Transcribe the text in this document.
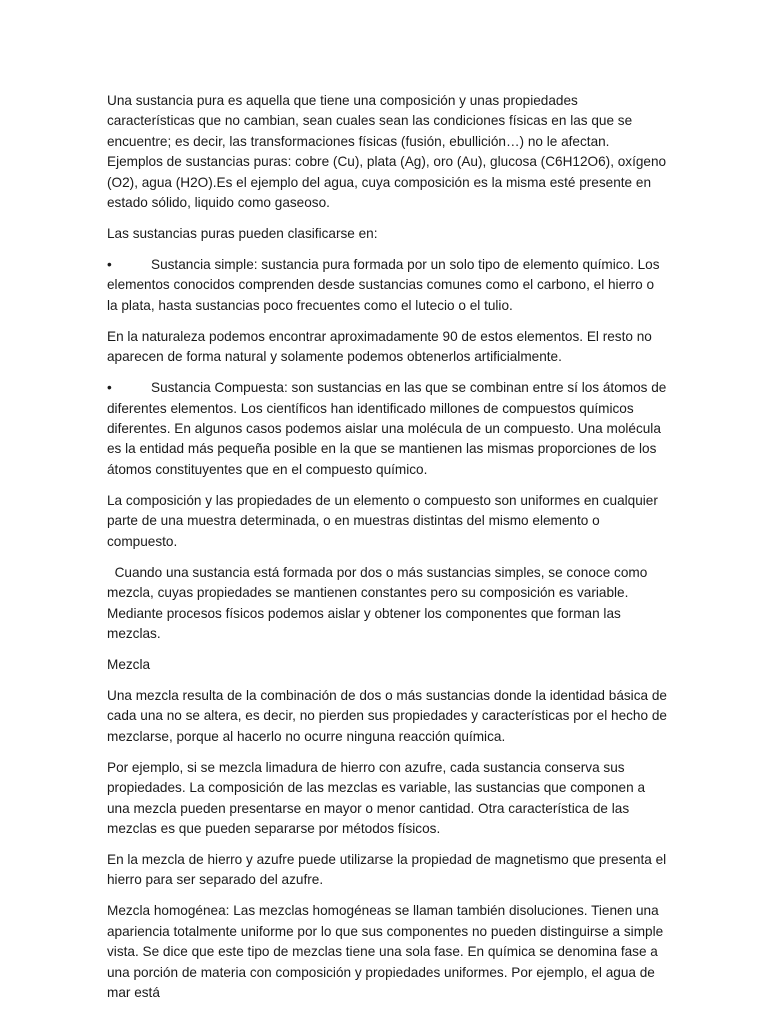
Una sustancia pura es aquella que tiene una composición y unas propiedades características que no cambian, sean cuales sean las condiciones físicas en las que se encuentre; es decir, las transformaciones físicas (fusión, ebullición…) no le afectan. Ejemplos de sustancias puras: cobre (Cu), plata (Ag), oro (Au), glucosa (C6H12O6), oxígeno (O2), agua (H2O).Es el ejemplo del agua, cuya composición es la misma esté presente en estado sólido, liquido como gaseoso.

Las sustancias puras pueden clasificarse en:

•	Sustancia simple: sustancia pura formada por un solo tipo de elemento químico. Los elementos conocidos comprenden desde sustancias comunes como el carbono, el hierro o la plata, hasta sustancias poco frecuentes como el lutecio o el tulio.

En la naturaleza podemos encontrar aproximadamente 90 de estos elementos. El resto no aparecen de forma natural y solamente podemos obtenerlos artificialmente.

•	Sustancia Compuesta: son sustancias en las que se combinan entre sí los átomos de diferentes elementos. Los científicos han identificado millones de compuestos químicos diferentes. En algunos casos podemos aislar una molécula de un compuesto. Una molécula es la entidad más pequeña posible en la que se mantienen las mismas proporciones de los átomos constituyentes que en el compuesto químico.

La composición y las propiedades de un elemento o compuesto son uniformes en cualquier parte de una muestra determinada, o en muestras distintas del mismo elemento o compuesto.

Cuando una sustancia está formada por dos o más sustancias simples, se conoce como mezcla, cuyas propiedades se mantienen constantes pero su composición es variable. Mediante procesos físicos podemos aislar y obtener los componentes que forman las mezclas.

Mezcla

Una mezcla resulta de la combinación de dos o más sustancias donde la identidad básica de cada una no se altera, es decir, no pierden sus propiedades y características por el hecho de mezclarse, porque al hacerlo no ocurre ninguna reacción química.

Por ejemplo, si se mezcla limadura de hierro con azufre, cada sustancia conserva sus propiedades. La composición de las mezclas es variable, las sustancias que componen a una mezcla pueden presentarse en mayor o menor cantidad. Otra característica de las mezclas es que pueden separarse por métodos físicos.

En la mezcla de hierro y azufre puede utilizarse la propiedad de magnetismo que presenta el hierro para ser separado del azufre.

Mezcla homogénea: Las mezclas homogéneas se llaman también disoluciones. Tienen una apariencia totalmente uniforme por lo que sus componentes no pueden distinguirse a simple vista. Se dice que este tipo de mezclas tiene una sola fase. En química se denomina fase a una porción de materia con composición y propiedades uniformes. Por ejemplo, el agua de mar está
